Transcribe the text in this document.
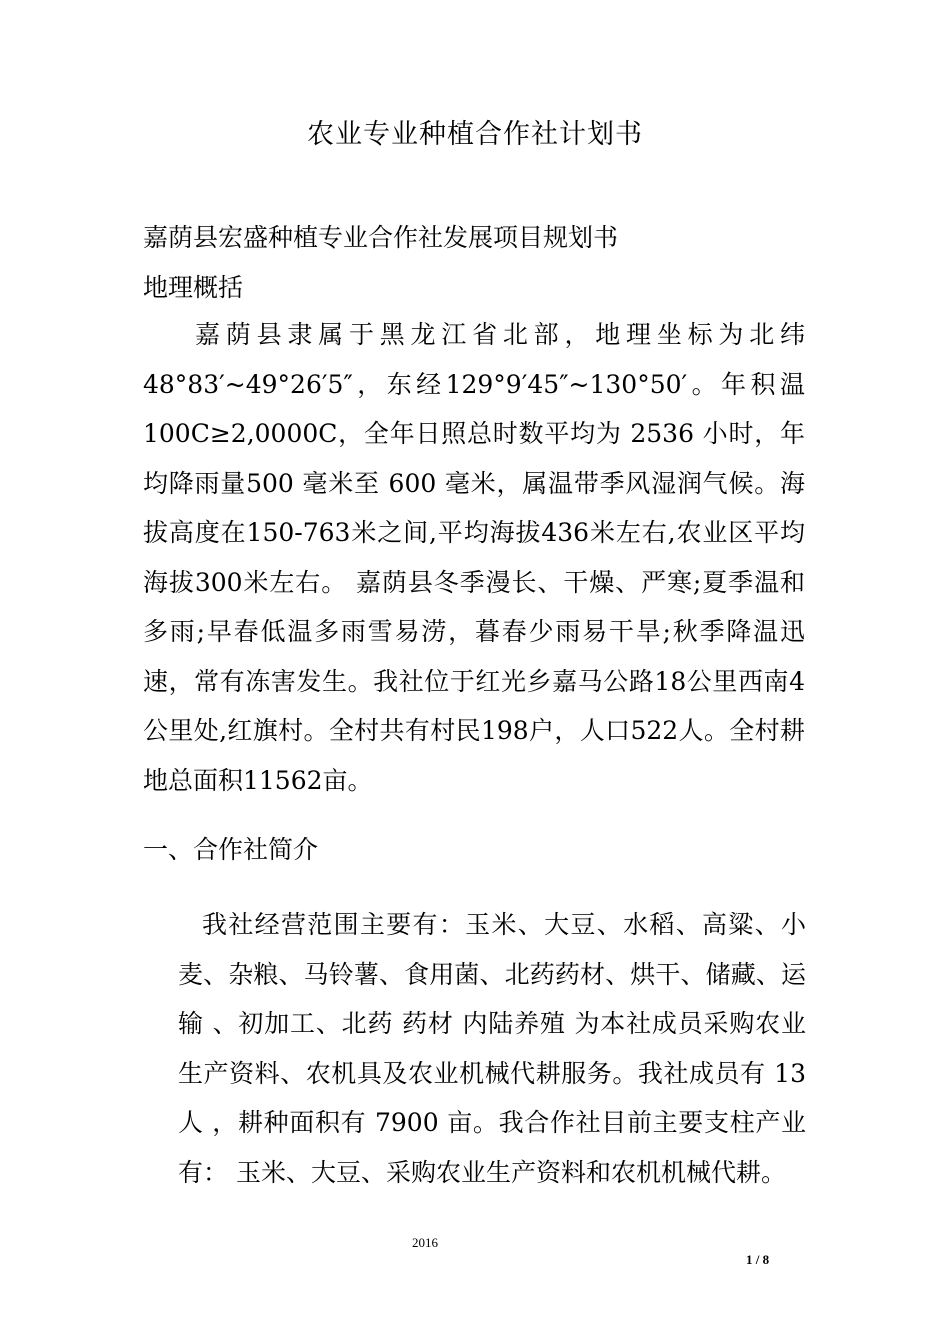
农业专业种植合作社计划书
嘉荫县宏盛种植专业合作社发展项目规划书
地理概括
嘉荫县隶属于黑龙江省北部，地理坐标为北纬48°83′~49°26′5″，东经129°9′45″~130°50′。年积温100C≥2,0000C，全年日照总时数平均为 2536 小时，年均降雨量500 毫米至 600 毫米，属温带季风湿润气候。海拔高度在150-763米之间,平均海拔436米左右,农业区平均海拔300米左右。 嘉荫县冬季漫长、干燥、严寒;夏季温和多雨;早春低温多雨雪易涝，暮春少雨易干旱;秋季降温迅速，常有冻害发生。我社位于红光乡嘉马公路18公里西南4公里处,红旗村。全村共有村民198户，人口522人。全村耕地总面积11562亩。
一、合作社简介
我社经营范围主要有：玉米、大豆、水稻、高粱、小麦、杂粮、马铃薯、食用菌、北药药材、烘干、储藏、运输 、初加工、北药 药材 内陆养殖 为本社成员采购农业生产资料、农机具及农业机械代耕服务。我社成员有 13 人 ，耕种面积有 7900 亩。我合作社目前主要支柱产业有： 玉米、大豆、采购农业生产资料和农机机械代耕。
2016
1 / 8
